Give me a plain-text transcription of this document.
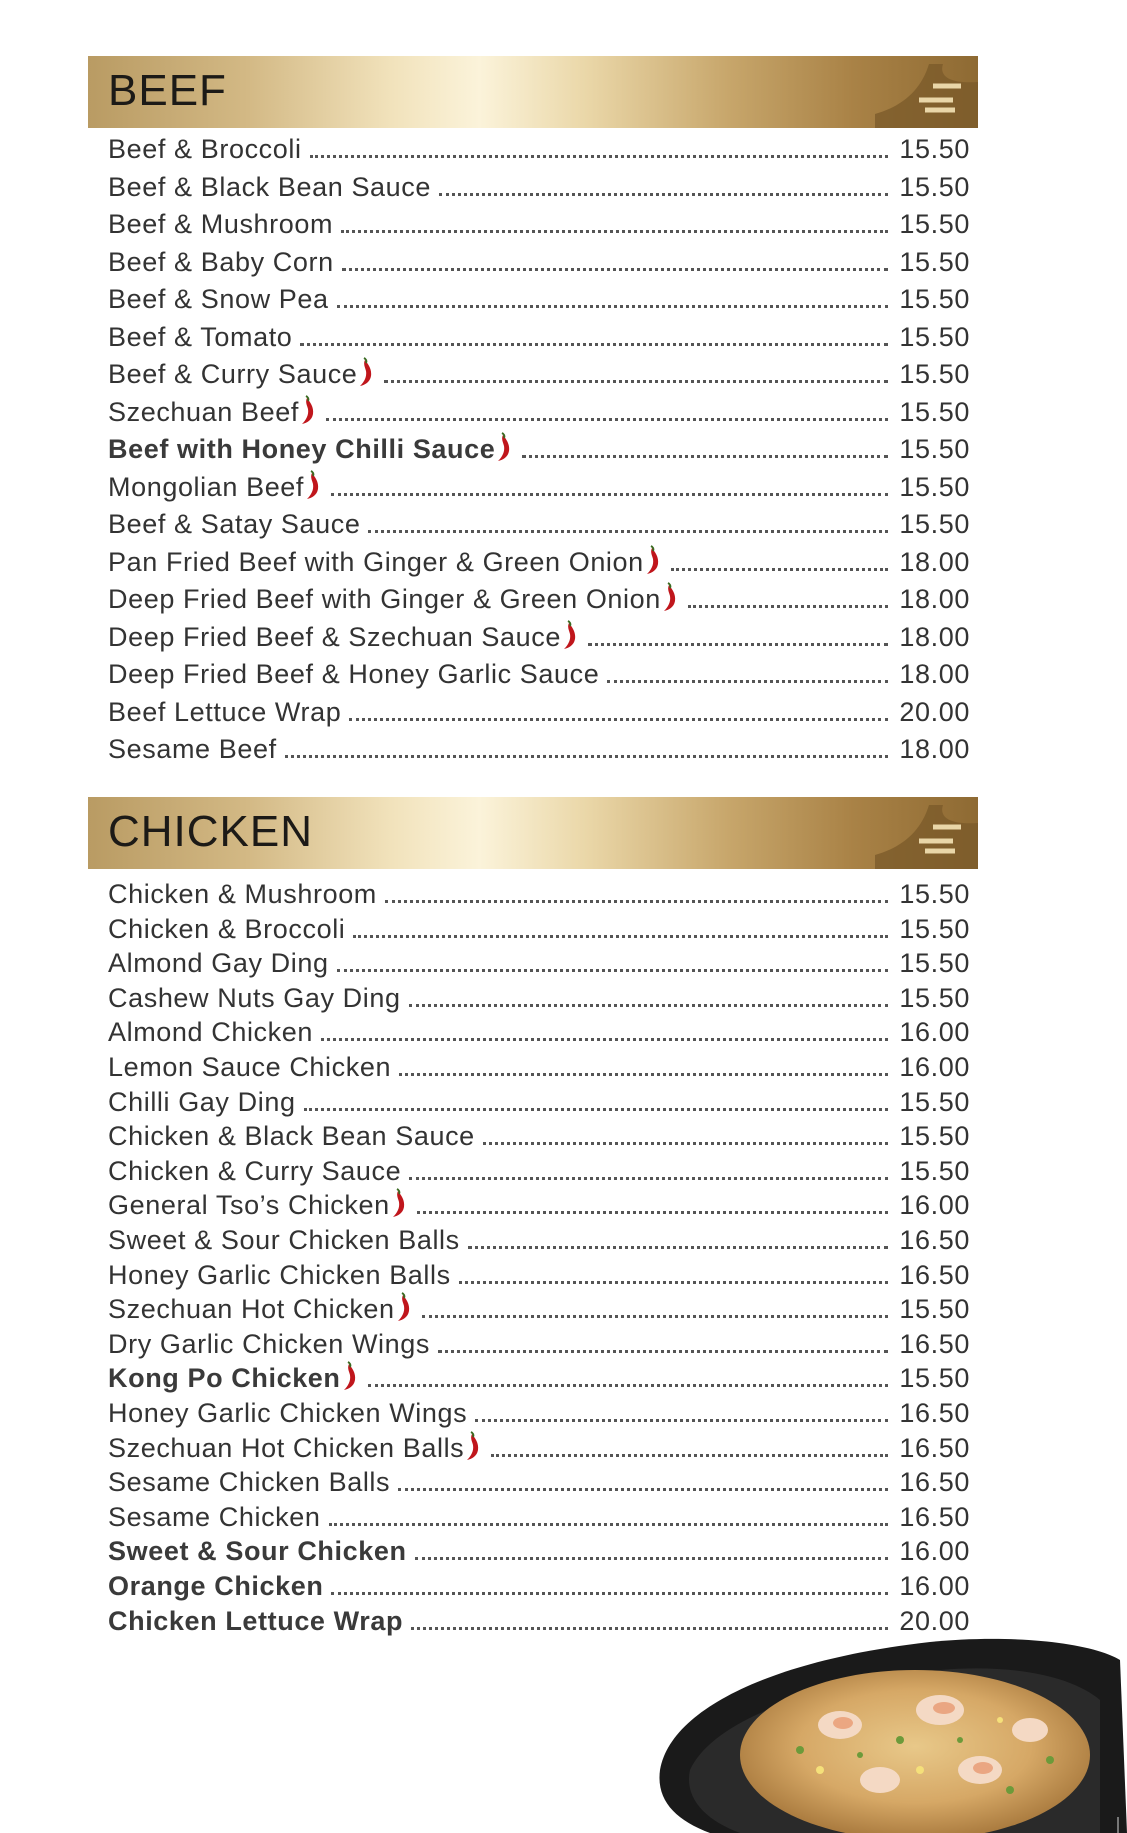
BEEF
Beef & Broccoli	15.50
Beef & Black Bean Sauce	15.50
Beef & Mushroom	15.50
Beef & Baby Corn	15.50
Beef & Snow Pea	15.50
Beef & Tomato	15.50
Beef & Curry Sauce	15.50
Szechuan Beef	15.50
Beef with Honey Chilli Sauce	15.50
Mongolian Beef	15.50
Beef & Satay Sauce	15.50
Pan Fried Beef with Ginger & Green Onion	18.00
Deep Fried Beef with Ginger & Green Onion	18.00
Deep Fried Beef & Szechuan Sauce	18.00
Deep Fried Beef & Honey Garlic Sauce	18.00
Beef Lettuce Wrap	20.00
Sesame Beef	18.00
CHICKEN
Chicken & Mushroom	15.50
Chicken & Broccoli	15.50
Almond Gay Ding	15.50
Cashew Nuts Gay Ding	15.50
Almond Chicken	16.00
Lemon Sauce Chicken	16.00
Chilli Gay Ding	15.50
Chicken & Black Bean Sauce	15.50
Chicken & Curry Sauce	15.50
General Tso’s Chicken	16.00
Sweet & Sour Chicken Balls	16.50
Honey Garlic Chicken Balls	16.50
Szechuan Hot Chicken	15.50
Dry Garlic Chicken Wings	16.50
Kong Po Chicken	15.50
Honey Garlic Chicken Wings	16.50
Szechuan Hot Chicken Balls	16.50
Sesame Chicken Balls	16.50
Sesame Chicken	16.50
Sweet & Sour Chicken	16.00
Orange Chicken	16.00
Chicken Lettuce Wrap	20.00
